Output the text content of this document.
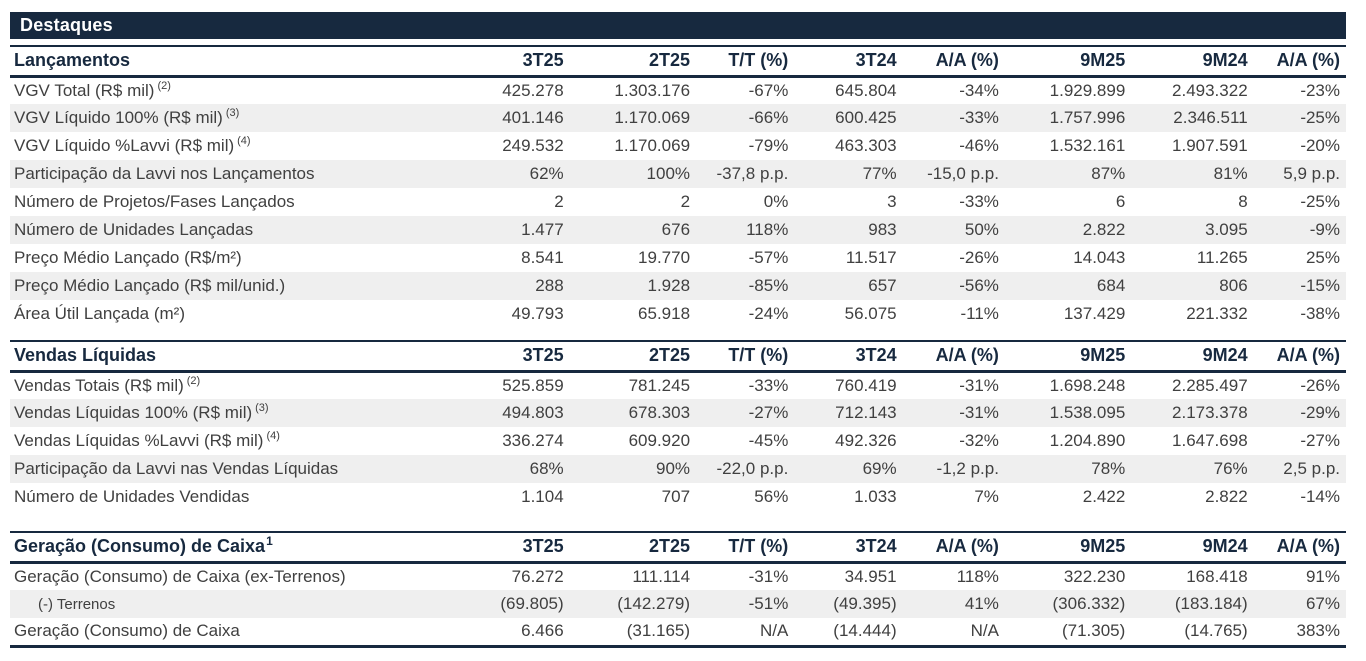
Destaques
Lançamentos	3T25	2T25	T/T (%)	3T24	A/A (%)	9M25	9M24	A/A (%)
VGV Total (R$ mil) $^{(2)}$	425.278	1.303.176	-67%	645.804	-34%	1.929.899	2.493.322	-23%
VGV Líquido 100% (R$ mil) $^{(3)}$	401.146	1.170.069	-66%	600.425	-33%	1.757.996	2.346.511	-25%
VGV Líquido %Lavvi (R$ mil) $^{(4)}$	249.532	1.170.069	-79%	463.303	-46%	1.532.161	1.907.591	-20%
Participação da Lavvi nos Lançamentos	62%	100%	-37,8 p.p.	77%	-15,0 p.p.	87%	81%	5,9 p.p.
Número de Projetos/Fases Lançados	2	2	0%	3	-33%	6	8	-25%
Número de Unidades Lançadas	1.477	676	118%	983	50%	2.822	3.095	-9%
Preço Médio Lançado (R$/m²)	8.541	19.770	-57%	11.517	-26%	14.043	11.265	25%
Preço Médio Lançado (R$ mil/unid.)	288	1.928	-85%	657	-56%	684	806	-15%
Área Útil Lançada (m²)	49.793	65.918	-24%	56.075	-11%	137.429	221.332	-38%
Vendas Líquidas	3T25	2T25	T/T (%)	3T24	A/A (%)	9M25	9M24	A/A (%)
Vendas Totais (R$ mil) $^{(2)}$	525.859	781.245	-33%	760.419	-31%	1.698.248	2.285.497	-26%
Vendas Líquidas 100% (R$ mil) $^{(3)}$	494.803	678.303	-27%	712.143	-31%	1.538.095	2.173.378	-29%
Vendas Líquidas %Lavvi (R$ mil) $^{(4)}$	336.274	609.920	-45%	492.326	-32%	1.204.890	1.647.698	-27%
Participação da Lavvi nas Vendas Líquidas	68%	90%	-22,0 p.p.	69%	-1,2 p.p.	78%	76%	2,5 p.p.
Número de Unidades Vendidas	1.104	707	56%	1.033	7%	2.422	2.822	-14%
Geração (Consumo) de Caixa$^1$	3T25	2T25	T/T (%)	3T24	A/A (%)	9M25	9M24	A/A (%)
Geração (Consumo) de Caixa (ex-Terrenos)	76.272	111.114	-31%	34.951	118%	322.230	168.418	91%
(-) Terrenos	(69.805)	(142.279)	-51%	(49.395)	41%	(306.332)	(183.184)	67%
Geração (Consumo) de Caixa	6.466	(31.165)	N/A	(14.444)	N/A	(71.305)	(14.765)	383%
